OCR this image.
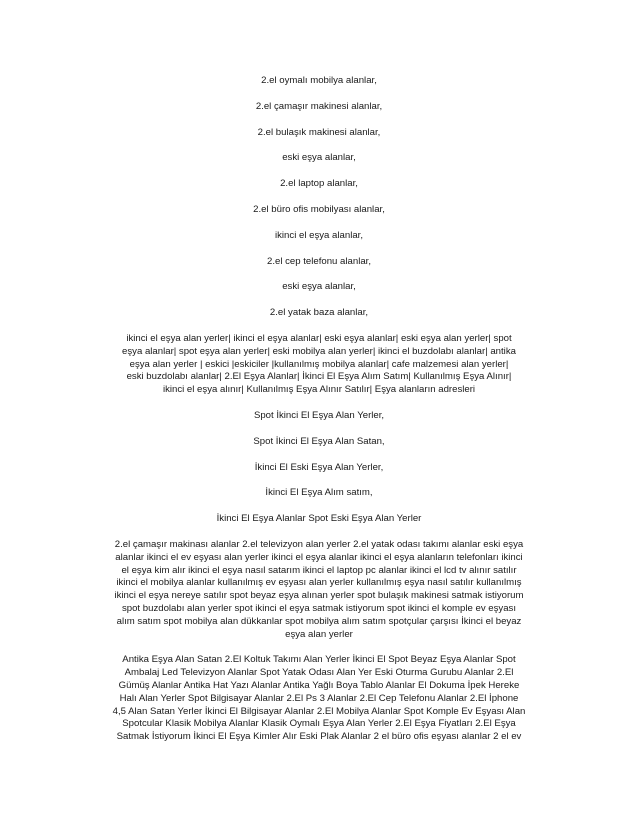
2.el oymalı mobilya alanlar,
2.el çamaşır makinesi alanlar,
2.el bulaşık makinesi alanlar,
eski eşya alanlar,
2.el laptop alanlar,
2.el büro ofis mobilyası alanlar,
ikinci el eşya alanlar,
2.el cep telefonu alanlar,
eski eşya alanlar,
2.el yatak baza alanlar,
ikinci el eşya alan yerler| ikinci el eşya alanlar| eski eşya alanlar| eski eşya alan yerler| spot
eşya alanlar| spot eşya alan yerler| eski mobilya alan yerler| ikinci el buzdolabı alanlar| antika
eşya alan yerler | eskici |eskiciler |kullanılmış mobilya alanlar| cafe malzemesi alan yerler|
eski buzdolabı alanlar| 2.El Eşya Alanlar| İkinci El Eşya Alım Satım| Kullanılmış Eşya Alınır|
ikinci el eşya alınır| Kullanılmış Eşya Alınır Satılır| Eşya alanların adresleri
Spot İkinci El Eşya Alan Yerler,
Spot İkinci El Eşya Alan Satan,
İkinci El Eski Eşya Alan Yerler,
İkinci El Eşya Alım satım,
İkinci El Eşya Alanlar Spot Eski Eşya Alan Yerler
2.el çamaşır makinası alanlar 2.el televizyon alan yerler 2.el yatak odası takımı alanlar eski eşya
alanlar ikinci el ev eşyası alan yerler ikinci el eşya alanlar ikinci el eşya alanların telefonları ikinci
el eşya kim alır ikinci el eşya nasıl satarım ikinci el laptop pc alanlar ikinci el lcd tv alınır satılır
ikinci el mobilya alanlar kullanılmış ev eşyası alan yerler kullanılmış eşya nasıl satılır kullanılmış
ikinci el eşya nereye satılır spot beyaz eşya alınan yerler spot bulaşık makinesi satmak istiyorum
spot buzdolabı alan yerler spot ikinci el eşya satmak istiyorum spot ikinci el komple ev eşyası
alım satım spot mobilya alan dükkanlar spot mobilya alım satım spotçular çarşısı İkinci el beyaz
eşya alan yerler
Antika Eşya Alan Satan 2.El Koltuk Takımı Alan Yerler İkinci El Spot Beyaz Eşya Alanlar Spot
Ambalaj Led Televizyon Alanlar Spot Yatak Odası Alan Yer Eski Oturma Gurubu Alanlar 2.El
Gümüş Alanlar Antika Hat Yazı Alanlar Antika Yağlı Boya Tablo Alanlar El Dokuma İpek Hereke
Halı Alan Yerler Spot Bilgisayar Alanlar 2.El Ps 3 Alanlar 2.El Cep Telefonu Alanlar 2.El İphone
4,5 Alan Satan Yerler İkinci El Bilgisayar Alanlar 2.El Mobilya Alanlar Spot Komple Ev Eşyası Alan
Spotcular Klasik Mobilya Alanlar Klasik Oymalı Eşya Alan Yerler 2.El Eşya Fiyatları 2.El Eşya
Satmak İstiyorum İkinci El Eşya Kimler Alır Eski Plak Alanlar 2 el büro ofis eşyası alanlar 2 el ev
